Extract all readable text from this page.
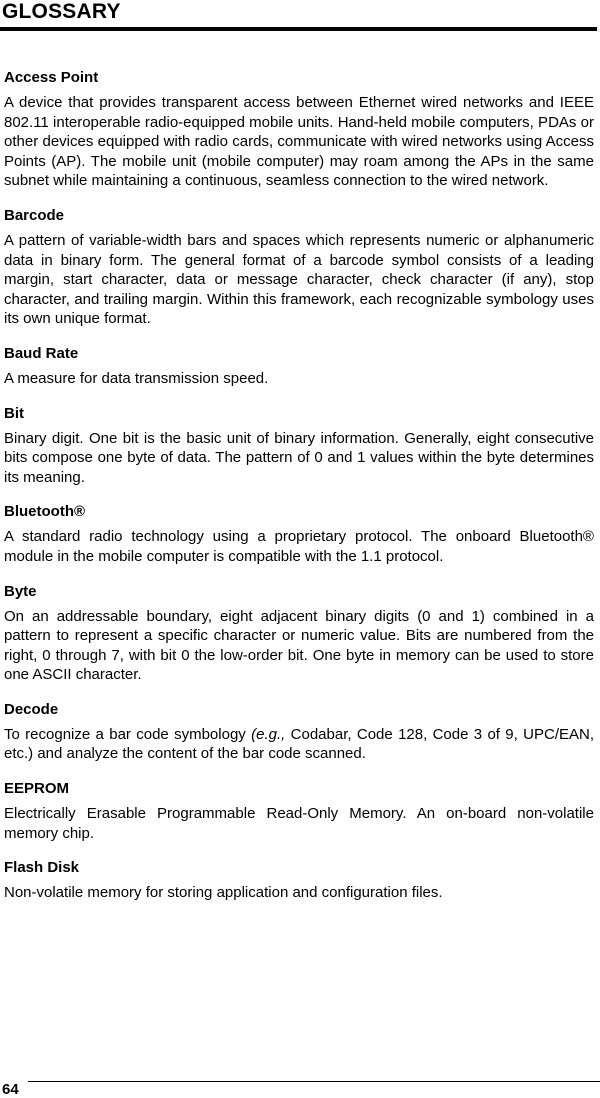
GLOSSARY
Access Point

A device that provides transparent access between Ethernet wired networks and IEEE 802.11 interoperable radio-equipped mobile units. Hand-held mobile computers, PDAs or other devices equipped with radio cards, communicate with wired networks using Access Points (AP). The mobile unit (mobile computer) may roam among the APs in the same subnet while maintaining a continuous, seamless connection to the wired network.

Barcode

A pattern of variable-width bars and spaces which represents numeric or alphanumeric data in binary form. The general format of a barcode symbol consists of a leading margin, start character, data or message character, check character (if any), stop character, and trailing margin. Within this framework, each recognizable symbology uses its own unique format.

Baud Rate

A measure for data transmission speed.

Bit

Binary digit. One bit is the basic unit of binary information. Generally, eight consecutive bits compose one byte of data. The pattern of 0 and 1 values within the byte determines its meaning.

Bluetooth®

A standard radio technology using a proprietary protocol. The onboard Bluetooth® module in the mobile computer is compatible with the 1.1 protocol.

Byte

On an addressable boundary, eight adjacent binary digits (0 and 1) combined in a pattern to represent a specific character or numeric value. Bits are numbered from the right, 0 through 7, with bit 0 the low-order bit. One byte in memory can be used to store one ASCII character.

Decode

To recognize a bar code symbology (e.g., Codabar, Code 128, Code 3 of 9, UPC/EAN, etc.) and analyze the content of the bar code scanned.

EEPROM

Electrically Erasable Programmable Read-Only Memory. An on-board non-volatile memory chip.

Flash Disk

Non-volatile memory for storing application and configuration files.

64
